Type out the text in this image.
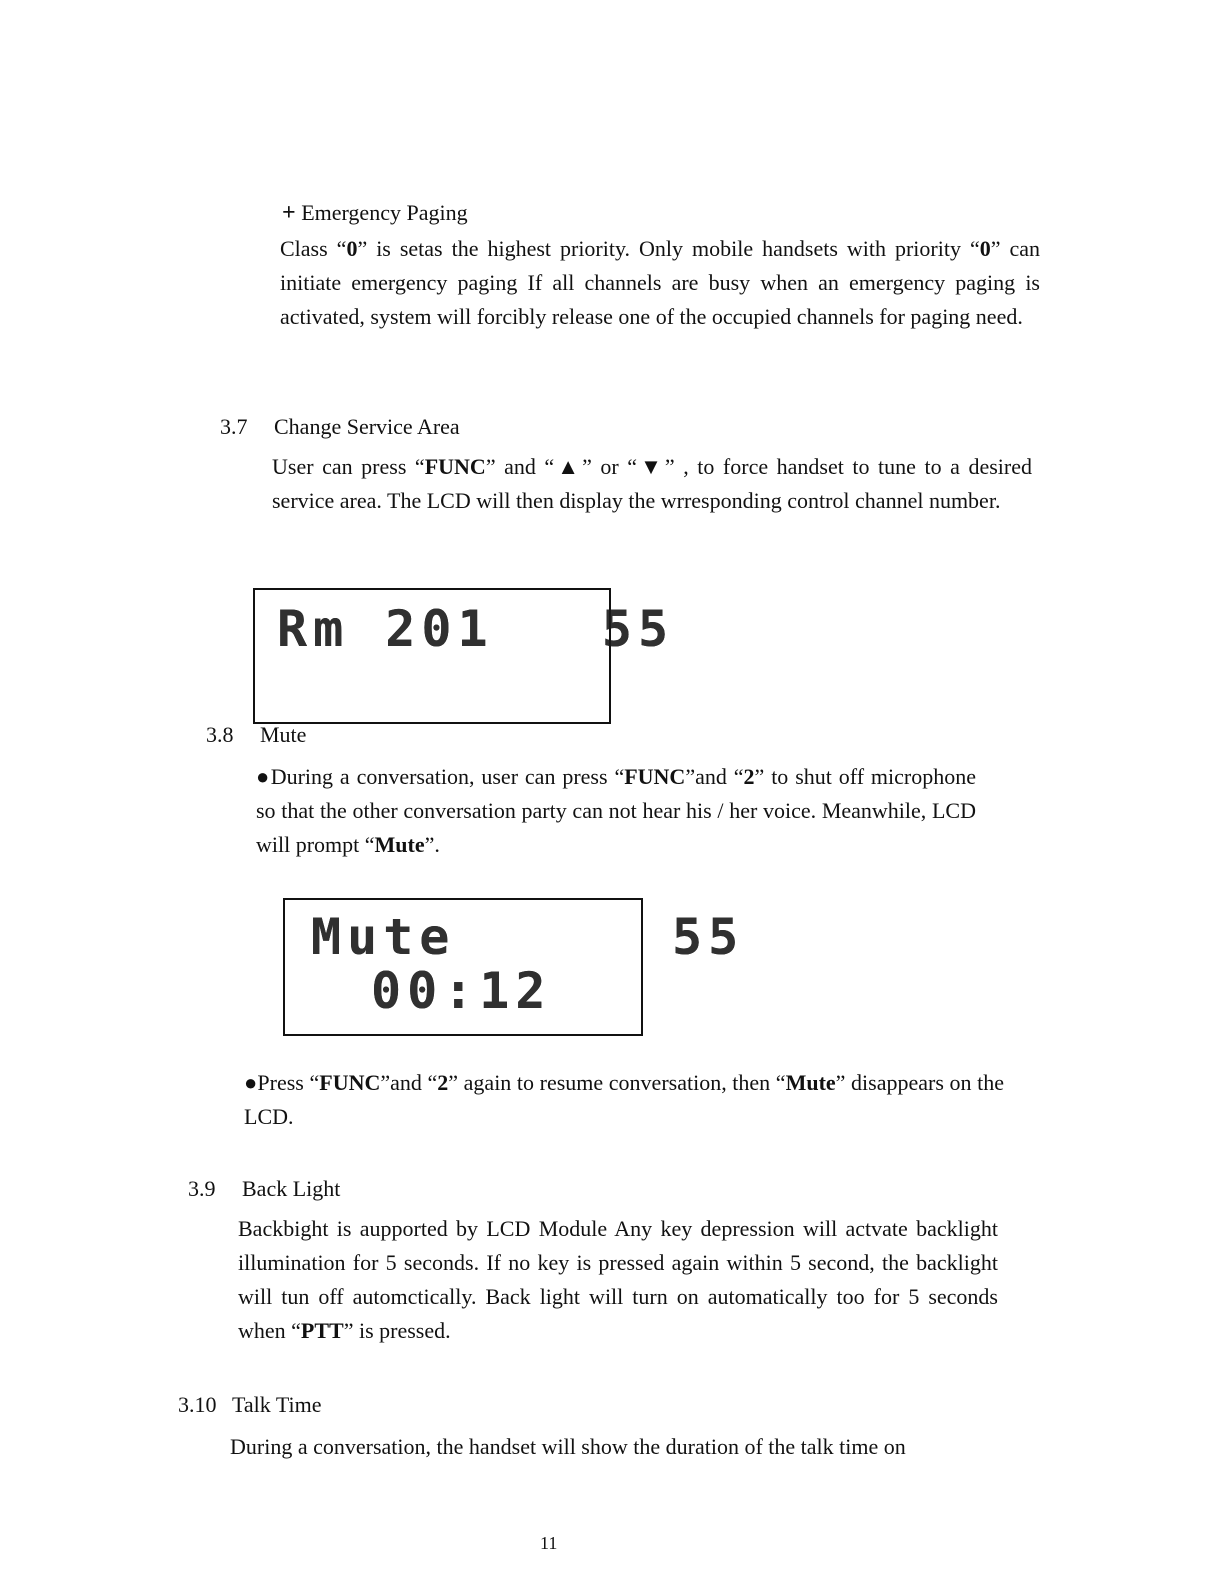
+ Emergency Paging
Class “0” is setas the highest priority. Only mobile handsets with priority “0” can initiate emergency paging If all channels are busy when an emergency paging is activated, system will forcibly release one of the occupied channels for paging need.
3.7 Change Service Area
User can press “FUNC” and “▲” or “▼” , to force handset to tune to a desired service area. The LCD will then display the wrresponding control channel number.
Rm 201   55
3.8 Mute
●During a conversation, user can press “FUNC”and “2” to shut off microphone so that the other conversation party can not hear his / her voice. Meanwhile, LCD will prompt “Mute”.
Mute      55
00:12
●Press “FUNC”and “2” again to resume conversation, then “Mute” disappears on the LCD.
3.9 Back Light
Backbight is aupported by LCD Module Any key depression will actvate backlight illumination for 5 seconds. If no key is pressed again within 5 second, the backlight will tun off automctically. Back light will turn on automatically too for 5 seconds when “PTT” is pressed.
3.10 Talk Time
During a conversation, the handset will show the duration of the talk time on
11
